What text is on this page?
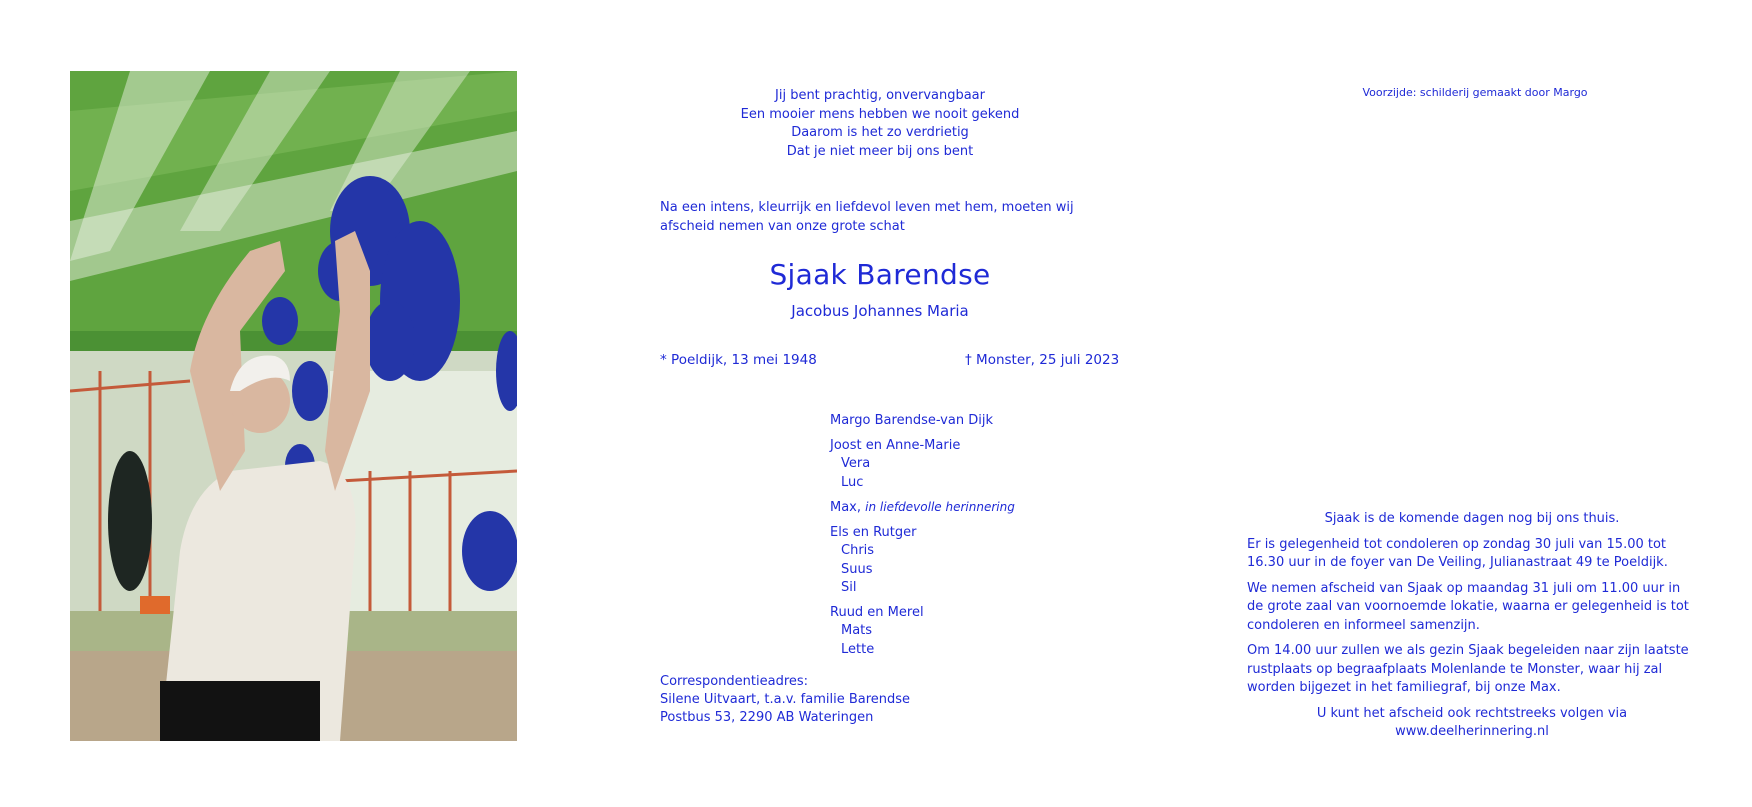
Jij bent prachtig, onvervangbaar
Een mooier mens hebben we nooit gekend
Daarom is het zo verdrietig
Dat je niet meer bij ons bent
Na een intens, kleurrijk en liefdevol leven met hem, moeten wij afscheid nemen van onze grote schat
Sjaak Barendse
Jacobus Johannes Maria
* Poeldijk, 13 mei 1948	† Monster, 25 juli 2023
Margo Barendse-van Dijk
Joost en Anne-Marie
Vera
Luc
Max, in liefdevolle herinnering
Els en Rutger
Chris
Suus
Sil
Ruud en Merel
Mats
Lette
Correspondentieadres:
Silene Uitvaart, t.a.v. familie Barendse
Postbus 53, 2290 AB Wateringen
Voorzijde: schilderij gemaakt door Margo

Sjaak is de komende dagen nog bij ons thuis.

Er is gelegenheid tot condoleren op zondag 30 juli van 15.00 tot 16.30 uur in de foyer van De Veiling, Julianastraat 49 te Poeldijk.

We nemen afscheid van Sjaak op maandag 31 juli om 11.00 uur in de grote zaal van voornoemde lokatie, waarna er gelegenheid is tot condoleren en informeel samenzijn.

Om 14.00 uur zullen we als gezin Sjaak begeleiden naar zijn laatste rustplaats op begraafplaats Molenlande te Monster, waar hij zal worden bijgezet in het familiegraf, bij onze Max.

U kunt het afscheid ook rechtstreeks volgen via www.deelherinnering.nl
